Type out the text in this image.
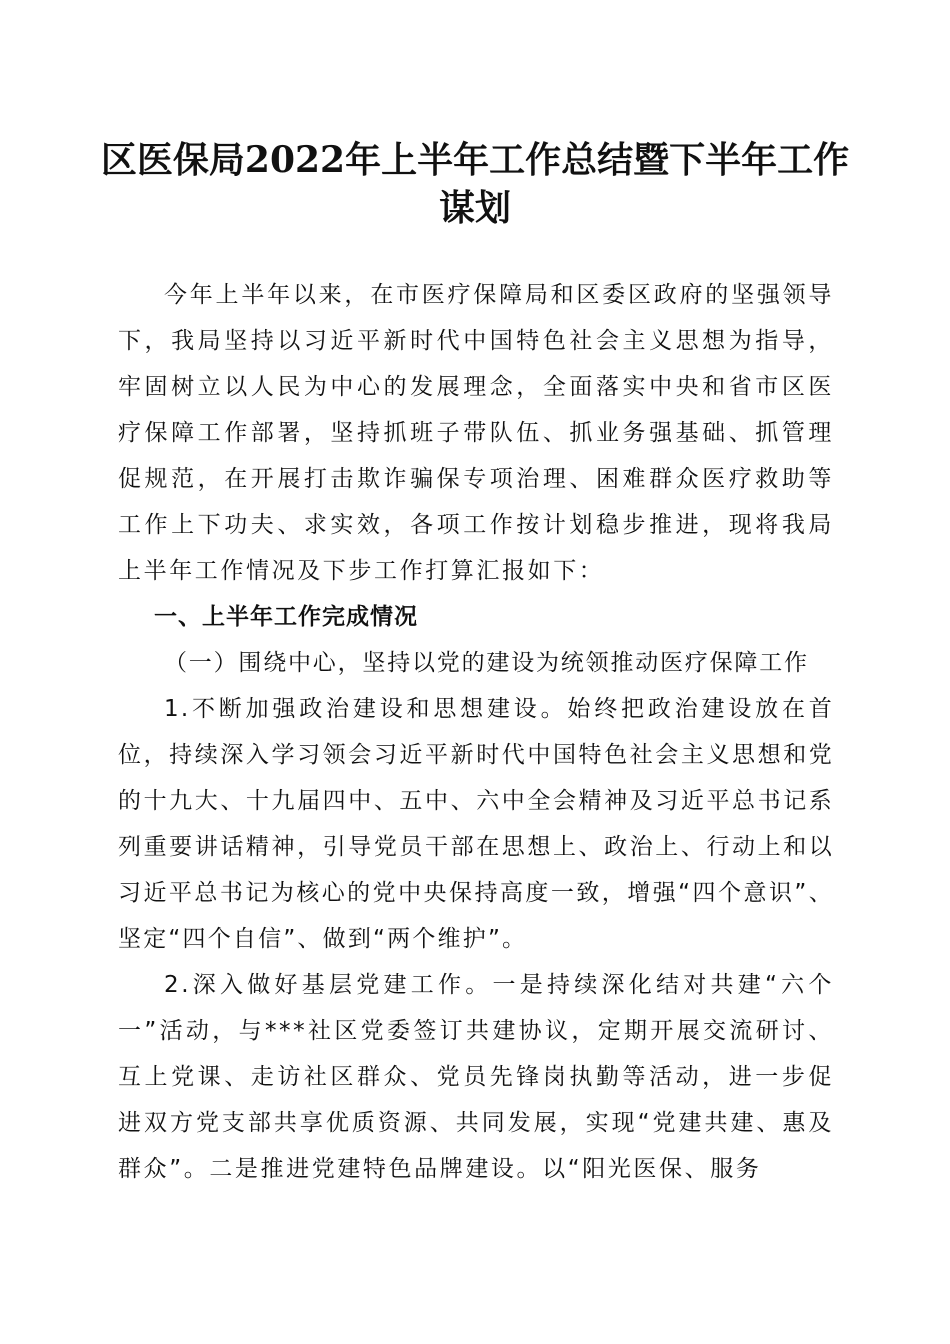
区医保局2022年上半年工作总结暨下半年工作谋划

今年上半年以来，在市医疗保障局和区委区政府的坚强领导下，我局坚持以习近平新时代中国特色社会主义思想为指导，牢固树立以人民为中心的发展理念，全面落实中央和省市区医疗保障工作部署，坚持抓班子带队伍、抓业务强基础、抓管理促规范，在开展打击欺诈骗保专项治理、困难群众医疗救助等工作上下功夫、求实效，各项工作按计划稳步推进，现将我局上半年工作情况及下步工作打算汇报如下：

一、上半年工作完成情况

（一）围绕中心，坚持以党的建设为统领推动医疗保障工作

1.不断加强政治建设和思想建设。始终把政治建设放在首位，持续深入学习领会习近平新时代中国特色社会主义思想和党的十九大、十九届四中、五中、六中全会精神及习近平总书记系列重要讲话精神，引导党员干部在思想上、政治上、行动上和以习近平总书记为核心的党中央保持高度一致，增强“四个意识”、坚定“四个自信”、做到“两个维护”。

2.深入做好基层党建工作。一是持续深化结对共建“六个一”活动，与***社区党委签订共建协议，定期开展交流研讨、互上党课、走访社区群众、党员先锋岗执勤等活动，进一步促进双方党支部共享优质资源、共同发展，实现“党建共建、惠及群众”。二是推进党建特色品牌建设。以“阳光医保、服务
